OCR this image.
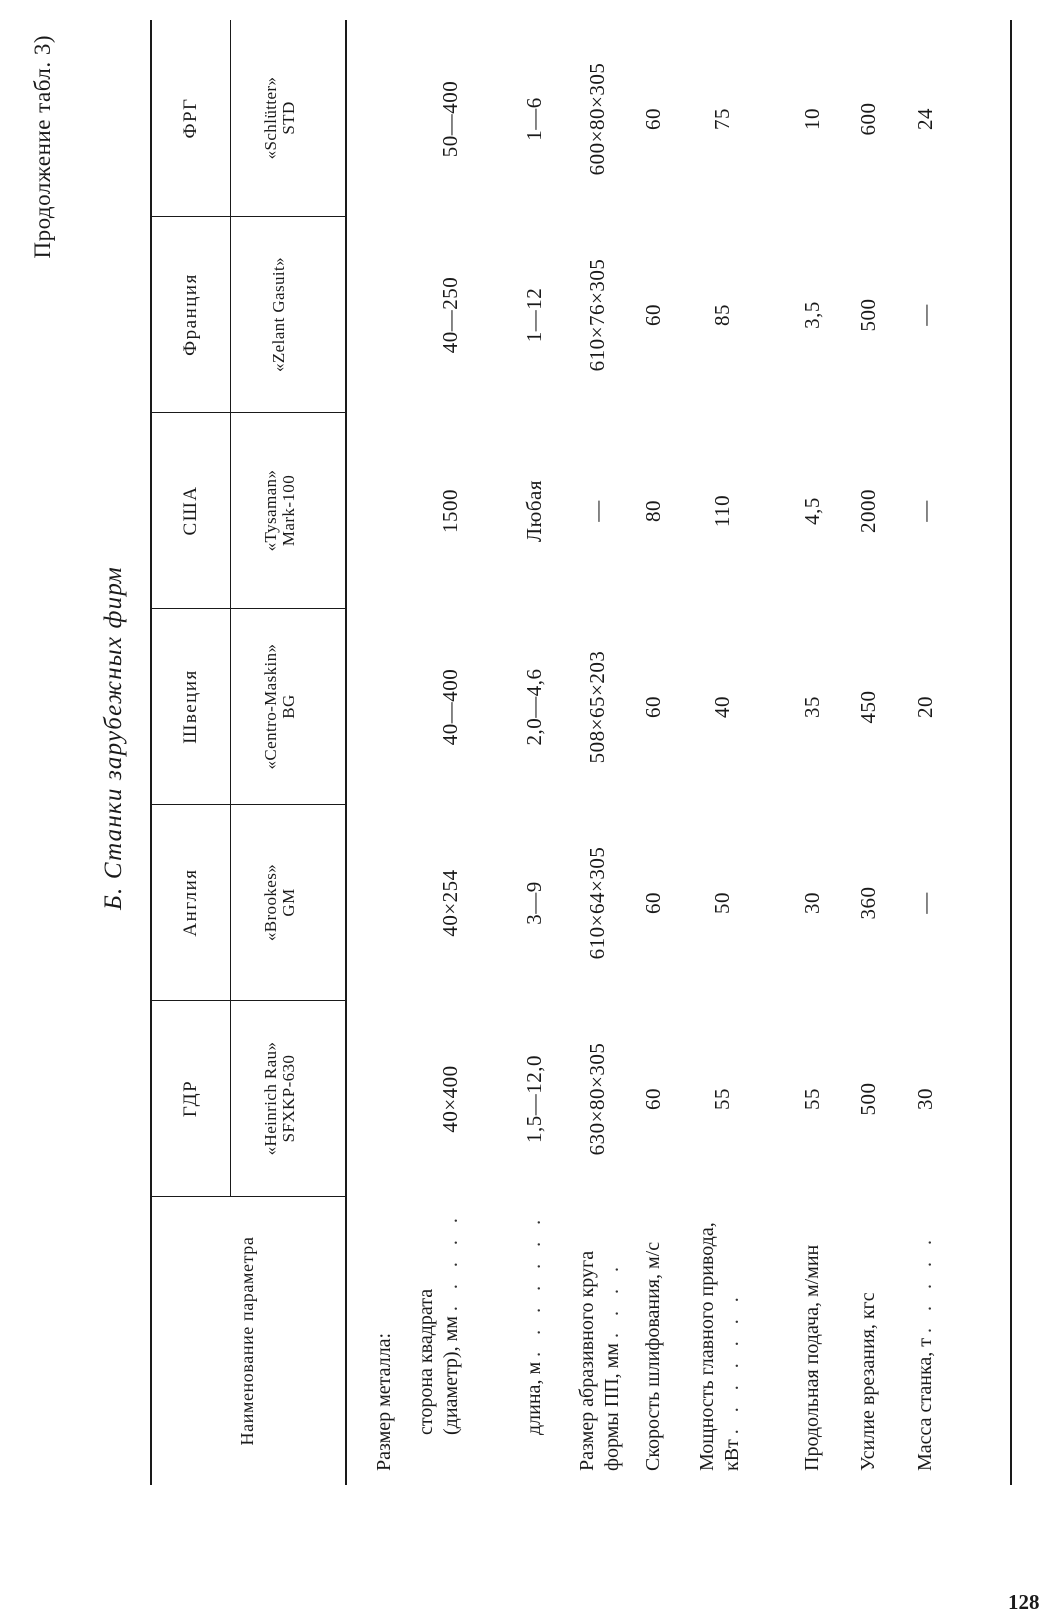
128
Продолжение табл. 3)
Б. Станки зарубежных фирм
Наименование параметра
ГДР
Англия
Швеция
США
Франция
ФРГ
«Heinrich Rau» SFXKP-630
«Brookes» GM
«Centro-Maskin» BG
«Tysaman» Mark-100
«Zelant Gasuit»
«Schlütter» STD
Размер металла: сторона квадрата (диаметр), мм . . . . .
длина, м . . . . . . . Размер абразивного круга формы ПП, мм . . . . Скорость шлифования, м/с Мощность главного привода, кВт . . . . . . .	Продольная подача, м/мин Усилие врезания, кгс Масса станка, т . . . . .
40×400
40×254
40—400
1500
40—250
50—400
1,5—12,0
3—9
2,0—4,6
Любая
1—12
1—6
630×80×305
610×64×305
508×65×203
—
610×76×305
600×80×305
60
60
60
80
60
60
55
50
40
110
85
75
55
30
35
4,5
3,5
10
500
360
450
2000
500
600
30
—
20
—
—
24
